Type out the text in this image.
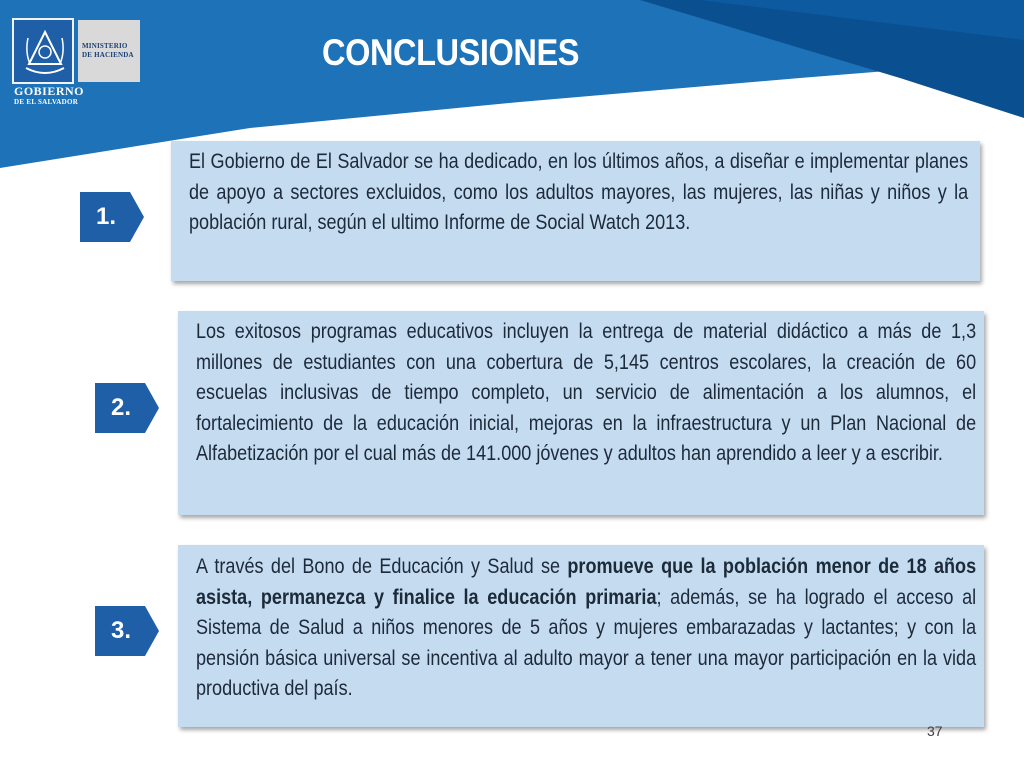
MINISTERIO
DE HACIENDA
GOBIERNO
DE EL SALVADOR
CONCLUSIONES
1.

El Gobierno de El Salvador se ha dedicado, en los últimos años, a diseñar e implementar planes de apoyo a sectores excluidos, como los adultos mayores, las mujeres, las niñas y niños y la población rural, según el ultimo Informe de Social Watch 2013.

2.

Los exitosos programas educativos incluyen la entrega de material didáctico a más de 1,3 millones de estudiantes con una cobertura de 5,145 centros escolares, la creación de 60 escuelas inclusivas de tiempo completo, un servicio de alimentación a los alumnos, el fortalecimiento de la educación inicial, mejoras en la infraestructura y un Plan Nacional de Alfabetización por el cual más de 141.000 jóvenes y adultos han aprendido a leer y a escribir.

3.

A través del Bono de Educación y Salud se promueve que la población menor de 18 años asista, permanezca y finalice la educación primaria; además, se ha logrado el acceso al Sistema de Salud a niños menores de 5 años y mujeres embarazadas y lactantes; y con la pensión básica universal se incentiva al adulto mayor a tener una mayor participación en la vida productiva del país.

37
